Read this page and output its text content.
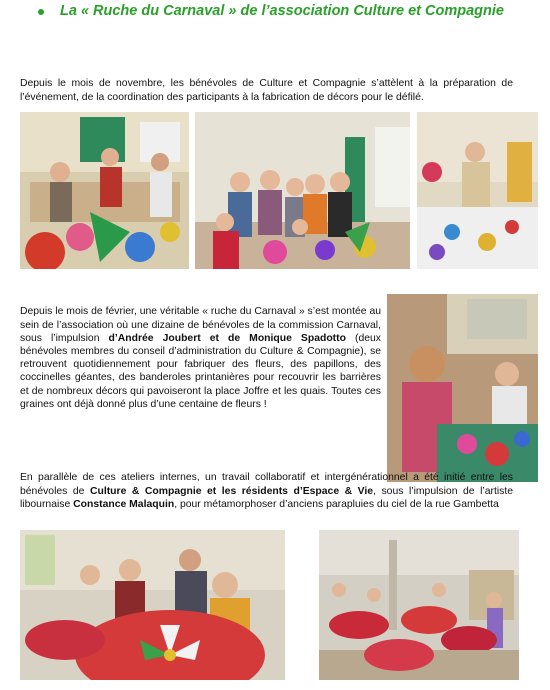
La « Ruche du Carnaval » de l’association Culture et Compagnie

Depuis le mois de novembre, les bénévoles de Culture et Compagnie s’attèlent à la préparation de l’événement, de la coordination des participants à la fabrication de décors pour le défilé.

Depuis le mois de février, une véritable « ruche du Carnaval » s’est montée au sein de l’association où une dizaine de bénévoles de la commission Carnaval, sous l’impulsion d’Andrée Joubert et de Monique Spadotto (deux bénévoles membres du conseil d’administration du Culture & Compagnie), se retrouvent quotidiennement pour fabriquer des fleurs, des papillons, des coccinelles géantes, des banderoles printanières pour recouvrir les barrières et de nombreux décors qui pavoiseront la place Joffre et les quais. Toutes ces graines ont déjà donné plus d’une centaine de fleurs !

En parallèle de ces ateliers internes, un travail collaboratif et intergénérationnel a été initié entre les bénévoles de Culture & Compagnie et les résidents d’Espace & Vie, sous l’impulsion de l’artiste libournaise Constance Malaquin, pour métamorphoser d’anciens parapluies du ciel de la rue Gambetta
